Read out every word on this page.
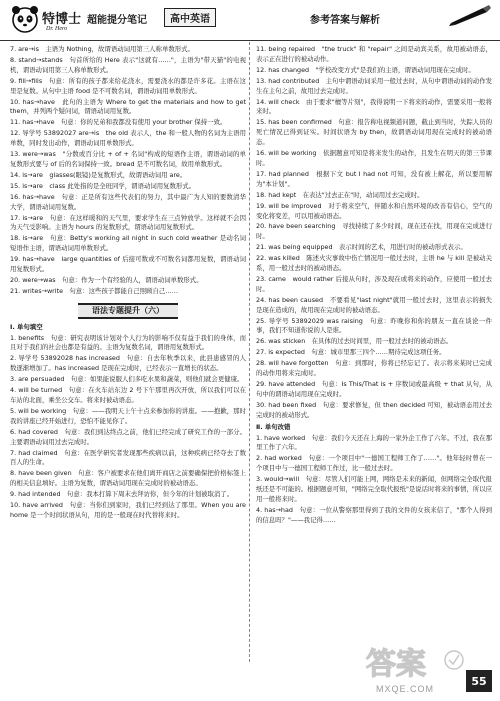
特博士
Dr. Hero
超能提分笔记	高中英语	参考答案与解析

7. are→is　主语为 Nothing，故谓语动词用第三人称单数形式。

8. stand→stands　句首所给的 Here 表示"这就有……"，主语为"带天猫"的电视机，谓语动词用第三人称单数形式。

9. fill→fills　句意：所有的孩子都来给花浇水，需要浇水的都是许多花。主语在这里是复数。从句中主语 food 是不可数名词，谓语动词用单数形式。

10. has→have　此句的主语为 Where to get the materials and how to get them，并列两个疑问词，谓语动词用复数。

11. has→have　句意：你的兄弟和我都没有使用 your brother 保持一致。

12. 导学号 53892027 are→is　the old 表示人，the 和一般人物的名词为主语用单数，同时发出动作，谓语动词用单数形式。

13. were→was　"分数或百分比 + of + 名词"构成的短语作主语，谓语动词的单复数形式要与 of 后的名词保持一致。bread 是不可数名词，故用单数形式。

14. is→are　glasses(眼镜)是复数形式，故谓语动词用 are。

15. is→are　class 此处指的是全班同学，谓语动词用复数形式。

16. has→have　句意：正是所有这些代表们的努力，其中最广为人知的要数清华大学，谓语动词用复数。

17. is→are　句意：在这样暖和的天气里，要求学生在三点钟放学。这样就不会因为天气受影响。主语为 hours 的复数形式，谓语动词用复数形式。

18. is→are　句意：Betty's working all night in such cold weather 是动名词短语作主语，谓语动词用单数形式。

19. has→have　large quantities of 后接可数或不可数名词都用复数，谓语动词用复数形式。

20. were→was　句意：作为一个有经验的人，谓语动词单数形式。

21. writes→write　句意：这些孩子都能自己照顾自己……

语法专题提升（六）
Ⅰ. 单句填空

1. benefits　句意：研究表明该计划对个人行为的影响不仅有益于我们的身体，而且对于我们的社会也都是有益的。主语为复数名词，谓语用复数形式。

2. 导学号 53892028 has increased　句意：自去年秋季以来，此县患感冒的人数逐渐增加了。has increased 是现在完成时，已经表示一直增长的状态。

3. are persuaded　句意：如果能说服人们多吃水果和蔬菜，则他们就会更健康。

4. will be turned　句意：在火车站东边 2 号下午那里再次开放，所以我们可以在车站的北面，乘坐公交车。将来时被动语态。

5. will be working　句意：——我明天上午十点来参加你的讲座。——抱歉，那时我的讲座已经开始进行，恐怕不能见你了。

6. had covered　句意：我们到达终点之前，他们已经完成了研究工作的一部分。主要谓语动词用过去完成时。

7. had claimed　句意：在医学研究者发现那些疾病以前，这种疾病已经夺去了数百人的生命。

8. have been given　句意：客户被要求在他们离开商店之前要确保把价格标签上的相关信息填好。主语为复数，谓语动词用现在完成时的被动语态。

9. had intended　句意：我本打算下周末去拜访你，但今年的计划被取消了。

10. have arrived　句意：当你们到家时，我们已经到达了那里。When you are home 是一个时间状语从句，用的是一般现在时代替将来时。

11. being repaired　"the truck" 和 "repair" 之间是动宾关系，故用被动语态，表示正在进行的被动动作。

12. has changed　"学校改变方式"是我们的主语，谓语动词用现在完成时。

13. had contributed　主句中谓语动词采用一般过去时，从句中谓语动词的动作发生在主句之前，故用过去完成时。

14. will check　由于要求"檀等片刻"，我得说明一下将来的动作，需要采用一般将来时。

15. has been confirmed　句意：报告称电视频道问题，截止到当时，失踪人员的死亡情况已得到证实。时间状语为 by then，故谓语动词用现在完成时的被动语态。

16. will be working　依据题意可知是将来发生的动作，且发生在明天的第三节课时。

17. had planned　根据下文 but I had not 可知，没有被上解花，所以要用解为"本计划"。

18. had kept　在表达"过去正在"时，动词用过去完成时。

19. will be improved　对于将来空气，伴随水和自然环境的改善有信心，空气的变化将变差，可以用被动语态。

20. have been searching　寻找持续了多少时间，现在还在找，用现在完成进行时。

21. was being equipped　表示时间的艺术，用进行时的被动形式表示。

22. was killed　陈述火灾事故中伤亡情况用一般过去时，主语 he 与 kill 是被动关系，用一般过去时的被动语态。

23. came　would rather 后接从句时，涉及现在或将来的动作，应使用一般过去时。

24. has been caused　不要看见"last night"就用一般过去时，这里表示的损失是现在造成的，故用现在完成时的被动语态。

25. 导学号 53892029 was raising　句意：昨晚你和你的朋友一直在谈论一件事，我们不知道你说的人是谁。

26. was sticken　在具体的过去时间里，用一般过去时的被动语态。

27. is expected　句意：城市里那三四个……期待完成这项任务。

28. will have forgotten　句意：到那时，你将已经忘记了。表示将来某时已完成的动作用将来完成时。

29. have attended　句意：Is This/That is + 序数词或最高级 + that 从句，从句中的谓语动词用现在完成时。

30. had been fixed　句意：要求修复，但 then decided 可知，被动语态用过去完成时的被动形式。

Ⅱ. 单句改错

1. have worked　句意：我们今天还在上海的一家外企工作了六年。不过，我在那里工作了六年。

2. had worked　句意：一个项目中"一德国工程师工作了……"。他年轻时曾在一个项目中与一德国工程师工作过，比一般过去时。

3. would→will　句意：尽管人们可能上网，网络是未来的新闻，但网络完全取代报纸还是不可能的。根据题意可知，"网络完全取代报纸"是说话时将来的事情，所以应用一般将来时。

4. has→had　句意：一位从警察那里得到了我的文件的女孩来信了，"那个人得到的信息吗？"——我记得……

55
答案
MXQE.COM
